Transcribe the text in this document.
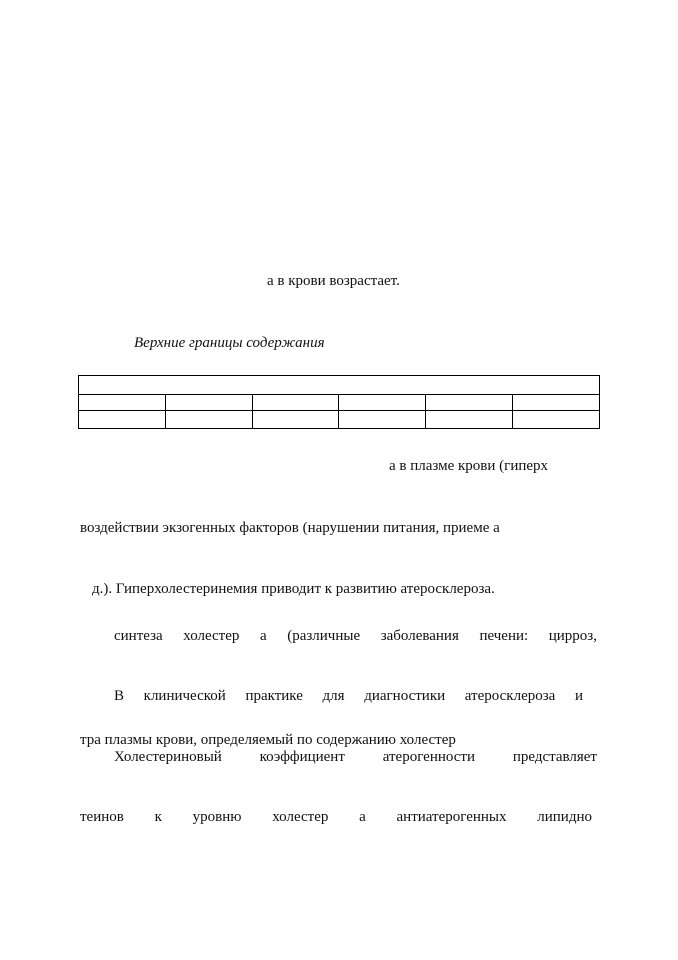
а в крови возрастает.
Верхние границы содержания

а в плазме крови (гиперх
воздействии экзогенных факторов (нарушении питания, приеме а
д.). Гиперхолестеринемия приводит к развитию атеросклероза.
синтеза холестер а (различные заболевания печени: цирроз,
В клинической практике для диагностики атеросклероза и
тра плазмы крови, определяемый по содержанию холестер
Холестериновый коэффициент атерогенности представляет
теинов к уровню холестер а антиатерогенных липидно
